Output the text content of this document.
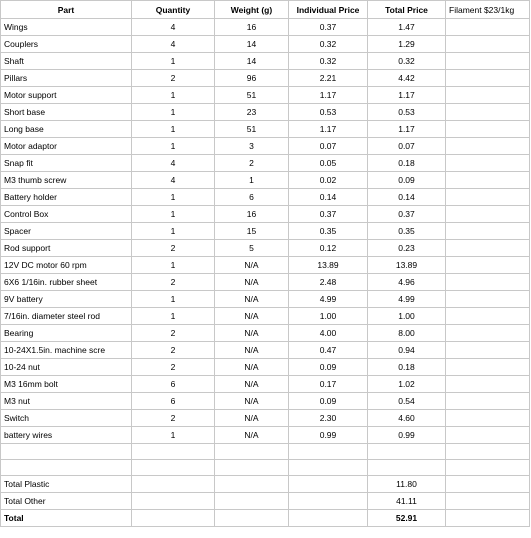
Part	Quantity	Weight (g)	Individual Price	Total Price	Filament $23/1kg
Wings	4	16	0.37	1.47	
Couplers	4	14	0.32	1.29	
Shaft	1	14	0.32	0.32	
Pillars	2	96	2.21	4.42	
Motor support	1	51	1.17	1.17	
Short base	1	23	0.53	0.53	
Long base	1	51	1.17	1.17	
Motor adaptor	1	3	0.07	0.07	
Snap fit	4	2	0.05	0.18	
M3 thumb screw	4	1	0.02	0.09	
Battery holder	1	6	0.14	0.14	
Control Box	1	16	0.37	0.37	
Spacer	1	15	0.35	0.35	
Rod support	2	5	0.12	0.23	
12V DC motor 60 rpm	1	N/A	13.89	13.89	
6X6 1/16in. rubber sheet	2	N/A	2.48	4.96	
9V battery	1	N/A	4.99	4.99	
7/16in. diameter steel rod	1	N/A	1.00	1.00	
Bearing	2	N/A	4.00	8.00	
10-24X1.5in. machine scre	2	N/A	0.47	0.94	
10-24 nut	2	N/A	0.09	0.18	
M3 16mm bolt	6	N/A	0.17	1.02	
M3 nut	6	N/A	0.09	0.54	
Switch	2	N/A	2.30	4.60	
battery wires	1	N/A	0.99	0.99	

Total Plastic				11.80	
Total Other				41.11	
Total				52.91	
